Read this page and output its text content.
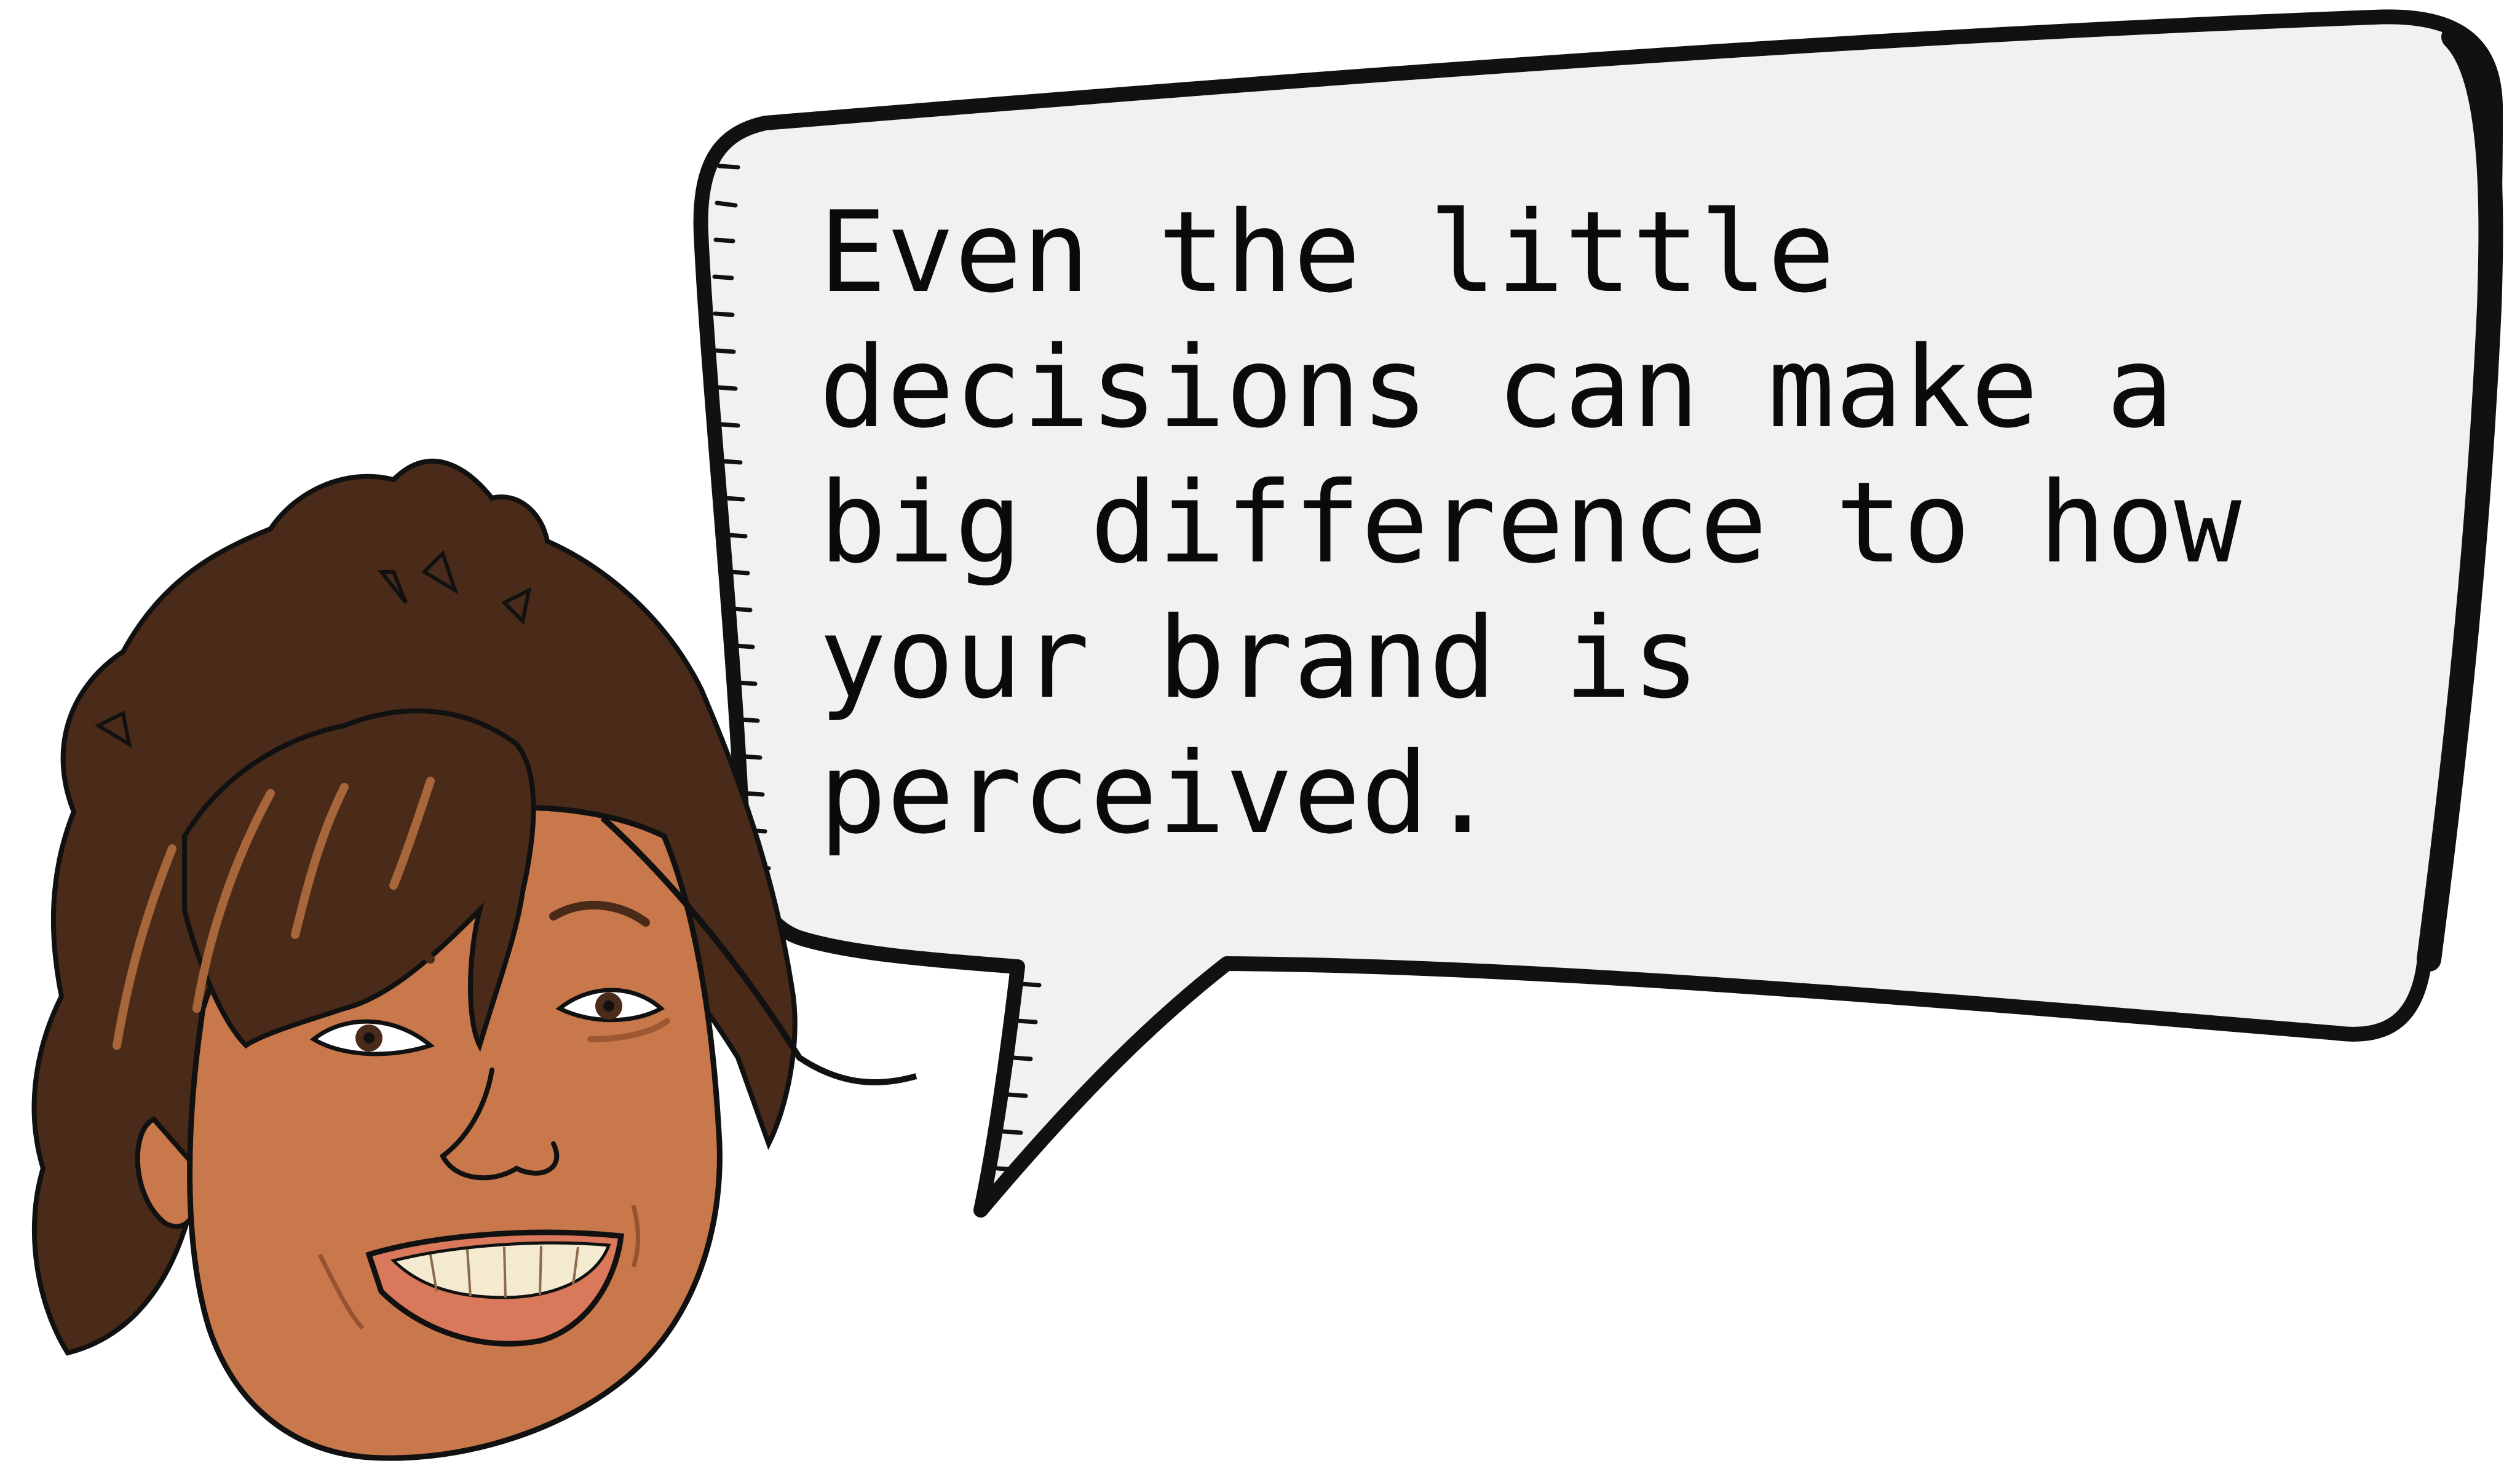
Even the little
decisions can make a
big difference to how
your brand is
perceived.
